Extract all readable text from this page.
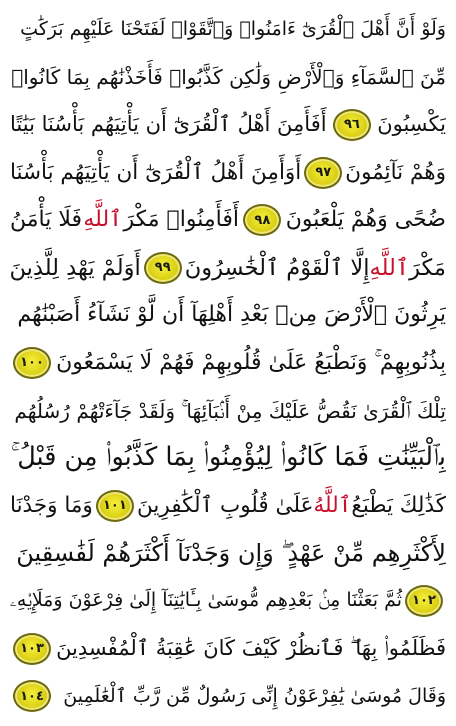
وَلَوْ أَنَّ أَهْلَ ٱلْقُرَىٰٓ ءَامَنُوا۟ وَٱتَّقَوْا۟ لَفَتَحْنَا عَلَيْهِم بَرَكَٰتٍ
مِّنَ ٱلسَّمَآءِ وَٱلْأَرْضِ وَلَٰكِن كَذَّبُوا۟ فَأَخَذْنَٰهُم بِمَا كَانُوا۟
يَكْسِبُونَ
٩٦
أَفَأَمِنَ أَهْلُ ٱلْقُرَىٰٓ أَن يَأْتِيَهُم بَأْسُنَا بَيَٰتًا
وَهُمْ نَآئِمُونَ
٩٧
أَوَأَمِنَ أَهْلُ ٱلْقُرَىٰٓ أَن يَأْتِيَهُم بَأْسُنَا
ضُحًى وَهُمْ يَلْعَبُونَ
٩٨
أَفَأَمِنُوا۟ مَكْرَ
ٱللَّهِ
فَلَا يَأْمَنُ
مَكْرَ
ٱللَّهِ
إِلَّا ٱلْقَوْمُ ٱلْخَٰسِرُونَ
٩٩
أَوَلَمْ يَهْدِ لِلَّذِينَ
يَرِثُونَ ٱلْأَرْضَ مِنۢ بَعْدِ أَهْلِهَآ أَن لَّوْ نَشَآءُ أَصَبْنَٰهُم
بِذُنُوبِهِمْ ۚ وَنَطْبَعُ عَلَىٰ قُلُوبِهِمْ فَهُمْ لَا يَسْمَعُونَ
١٠٠
تِلْكَ ٱلْقُرَىٰ نَقُصُّ عَلَيْكَ مِنْ أَنۢبَآئِهَا ۚ وَلَقَدْ جَآءَتْهُمْ رُسُلُهُم
بِٱلْبَيِّنَٰتِ فَمَا كَانُوا۟ لِيُؤْمِنُوا۟ بِمَا كَذَّبُوا۟ مِن قَبْلُ ۚ
كَذَٰلِكَ يَطْبَعُ
ٱللَّهُ
عَلَىٰ قُلُوبِ ٱلْكَٰفِرِينَ
١٠١
وَمَا وَجَدْنَا
لِأَكْثَرِهِم مِّنْ عَهْدٍ ۖ وَإِن وَجَدْنَآ أَكْثَرَهُمْ لَفَٰسِقِينَ
١٠٢
ثُمَّ بَعَثْنَا مِنۢ بَعْدِهِم مُّوسَىٰ بِـَٔايَٰتِنَآ إِلَىٰ فِرْعَوْنَ وَمَلَإِي۟هِۦ
فَظَلَمُوا۟ بِهَا ۖ فَٱنظُرْ كَيْفَ كَانَ عَٰقِبَةُ ٱلْمُفْسِدِينَ
١٠٣
وَقَالَ مُوسَىٰ يَٰفِرْعَوْنُ إِنِّى رَسُولٌ مِّن رَّبِّ ٱلْعَٰلَمِينَ
١٠٤
